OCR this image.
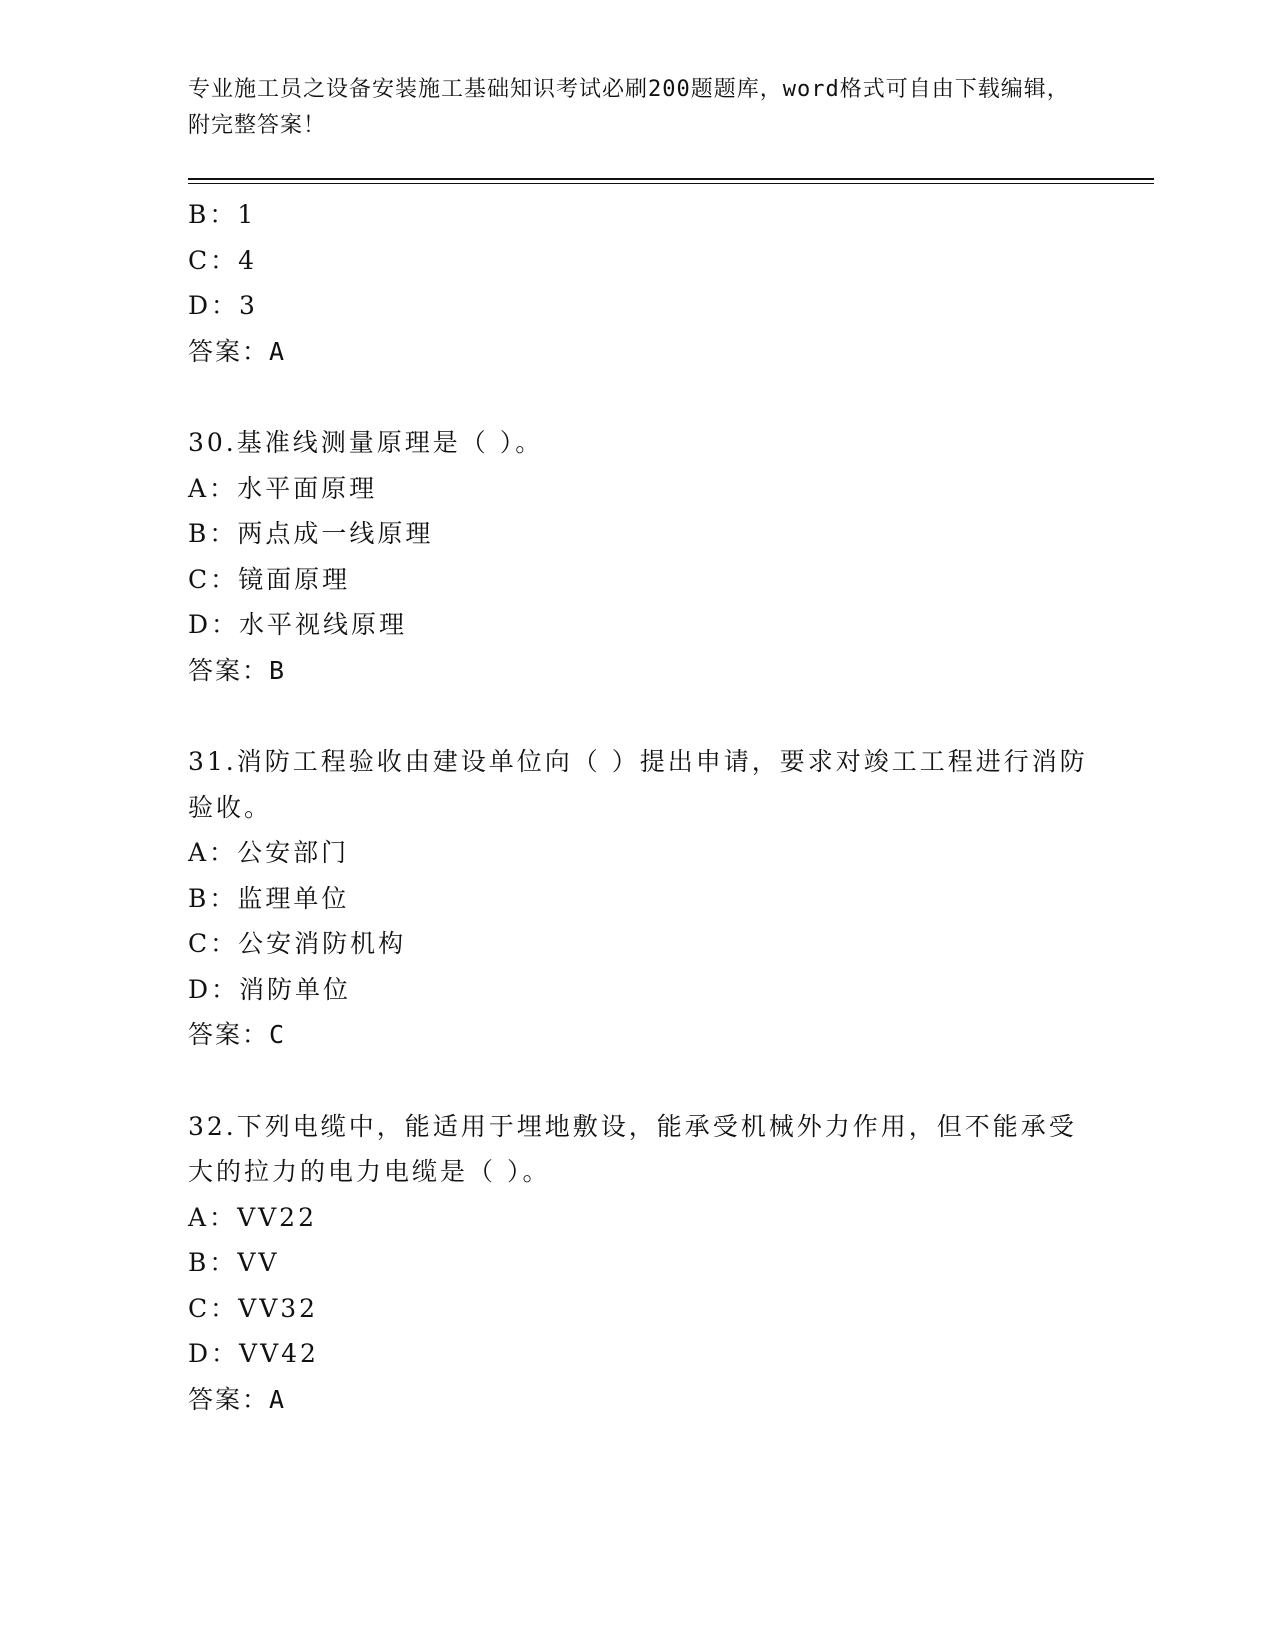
专业施工员之设备安装施工基础知识考试必刷200题题库，word格式可自由下载编辑，附完整答案！
B：1
C：4
D：3
答案：A
30.基准线测量原理是（ ）。
A：水平面原理
B：两点成一线原理
C：镜面原理
D：水平视线原理
答案：B
31.消防工程验收由建设单位向（ ）提出申请，要求对竣工工程进行消防验收。
A：公安部门
B：监理单位
C：公安消防机构
D：消防单位
答案：C
32.下列电缆中，能适用于埋地敷设，能承受机械外力作用，但不能承受大的拉力的电力电缆是（ ）。
A：VV22
B：VV
C：VV32
D：VV42
答案：A
